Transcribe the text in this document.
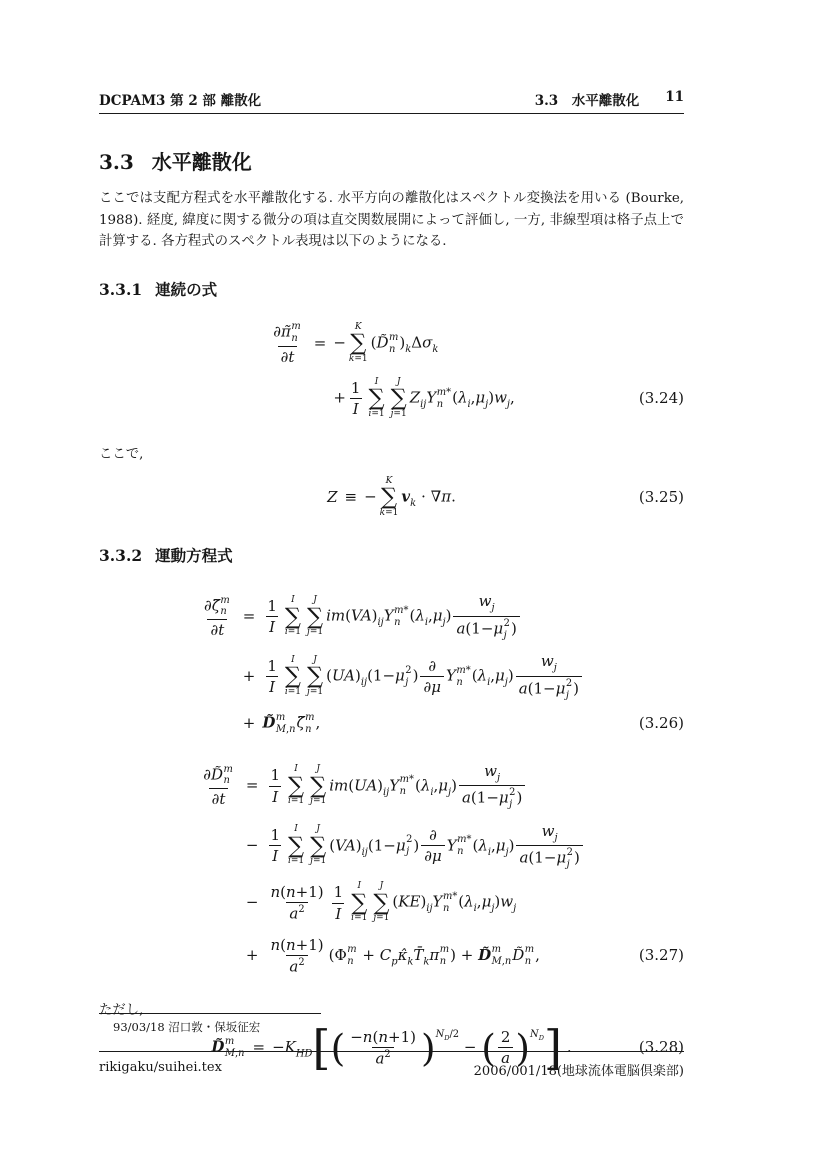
DCPAM3 第 2 部 離散化	3.3　水平離散化 11
3.3 水平離散化

ここでは支配方程式を水平離散化する. 水平方向の離散化はスペクトル変換法を用いる (Bourke, 1988). 経度, 緯度に関する微分の項は直交関数展開によって評価し, 一方, 非線型項は格子点上で計算する. 各方程式のスペクトル表現は以下のようになる.

3.3.1 連続の式
∂π̃ m
n
∂t = −
K
∑
k=1
(D̃ m
n )$_k\Delta\sigma_k$
+ $\frac{1}{I}$ I
∑
i=1
J
∑
j=1
$Z_{ij}Y$ m*
n $(\lambda_i,\mu_j)w_j$,	(3.24)

ここで,

Z ≡ −
K
∑
k=1
$v_k \cdot \nabla\pi$.	(3.25)
3.3.2 運動方程式
∂ζ̃ m
n
$\partial t = \frac{1}{I}$ I
∑
i=1
J
∑
j=1
$im(VA)_{ij}Y$ m*
n $(\lambda_i,\mu_j)$ $w_j$
a(1−μ 2
j )
+ $\frac{1}{I}$ I
∑
i=1
J
∑
j=1
$(UA)_{ij}(1-\mu$ 2
j )
∂
∂μ
Y m*
n $(\lambda_i,\mu_j)$ $w_j$
a(1−μ 2
j )
+ D̃ m
M,n ζ̃ m
n ,	(3.26)
∂D̃ m
n
$\partial t = \frac{1}{I}$ I
∑
i=1
J
∑
j=1
$im(UA)_{ij}Y$ m*
n $(\lambda_i,\mu_j)$ $w_j$
a(1−μ 2
j )
− $\frac{1}{I}$ I
∑
i=1
J
∑
j=1
$(VA)_{ij}(1-\mu$ 2
j )
∂
∂μ
Y m*
n $(\lambda_i,\mu_j)$ $w_j$
a(1−μ 2
j )
− $\frac{n(n+1)}{a^2} \frac{1}{I}$ I
∑
i=1
J
∑
j=1
$(KE)_{ij}Y$ m*
n $(\lambda_i,\mu_j)w_j$
+ $\frac{n(n+1)}{a^2} (\Phi$ m
$n + C_p\kappâ_kT̄_k\pi$ m
n ) + D̃ m
M,n D̃ m
n ,	(3.27)

ただし,

D̃ m
$M,n = -K_{HD}$ [ ( $\frac{-n(n+1)}{a^2}$ ) $^{N_D/2}$ − ( $\frac{2}{a}$ ) $^{N_D}$ ] .	(3.28)
93/03/18 沼口敦・保坂征宏
rikigaku/suihei.tex	2006/001/18(地球流体電脳倶楽部)
